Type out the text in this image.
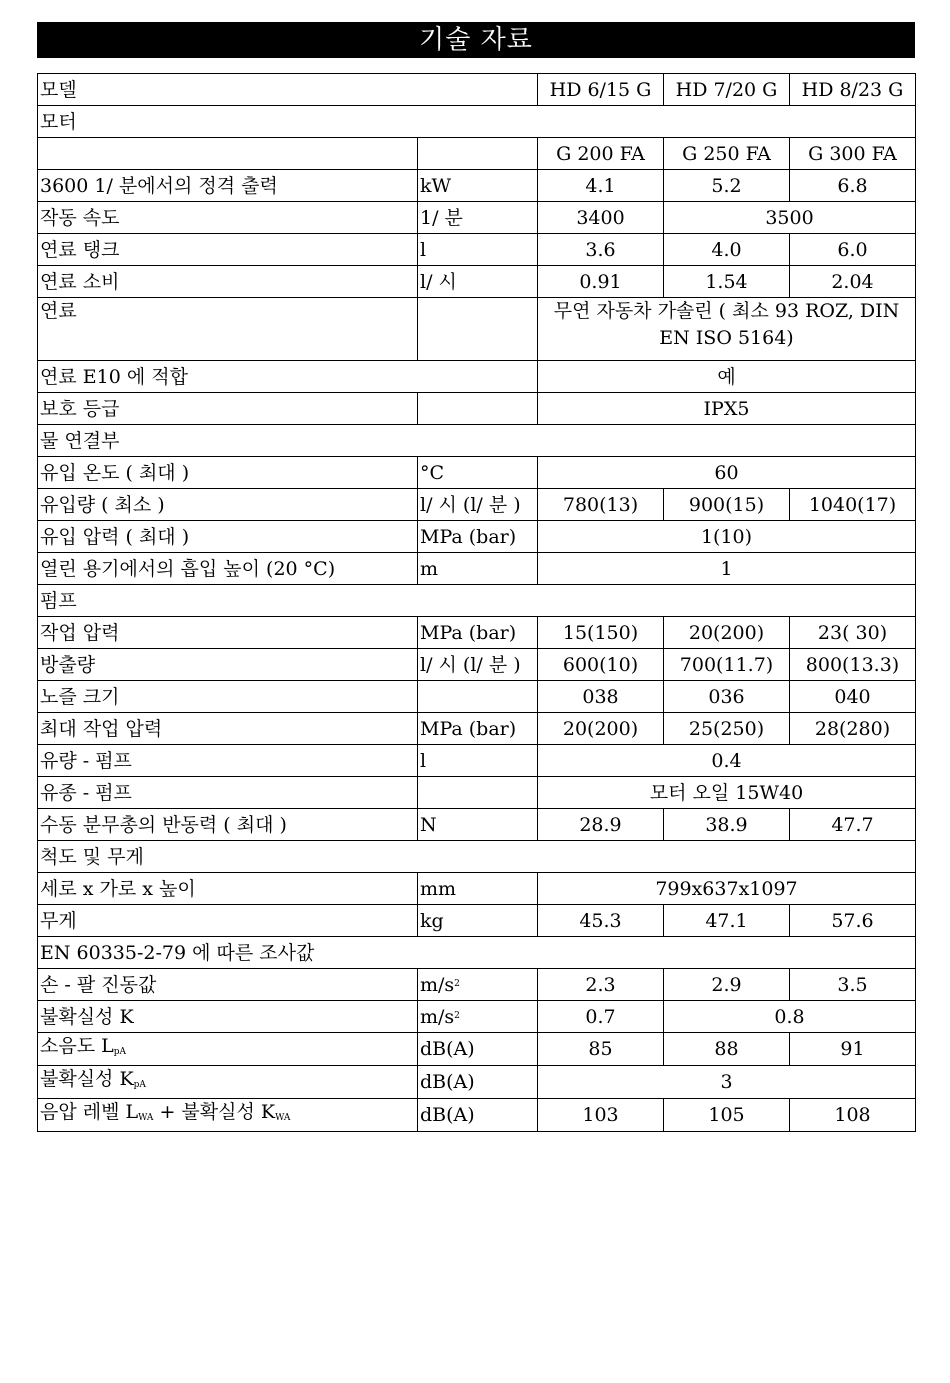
기술 자료
모델		HD 6/15 G	HD 7/20 G	HD 8/23 G
모터				
		G 200 FA	G 250 FA	G 300 FA
3600 1/ 분에서의 정격 출력	kW	4.1	5.2	6.8
작동 속도	1/ 분	3400	3500	
연료 탱크	l	3.6	4.0	6.0
연료 소비	l/ 시	0.91	1.54	2.04
연료		무연 자동차 가솔린 ( 최소 93 ROZ, DIN EN ISO 5164)		
연료 E10 에 적합		예		
보호 등급		IPX5		
물 연결부				
유입 온도 ( 최대 )	°C	60		
유입량 ( 최소 )	l/ 시 (l/ 분 )	780(13)	900(15)	1040(17)
유입 압력 ( 최대 )	MPa (bar)	1(10)		
열린 용기에서의 흡입 높이 (20 °C)	m	1		
펌프				
작업 압력	MPa (bar)	15(150)	20(200)	23( 30)
방출량	l/ 시 (l/ 분 )	600(10)	700(11.7)	800(13.3)
노즐 크기		038	036	040
최대 작업 압력	MPa (bar)	20(200)	25(250)	28(280)
유량 - 펌프	l	0.4		
유종 - 펌프		모터 오일 15W40		
수동 분무총의 반동력 ( 최대 )	N	28.9	38.9	47.7
척도 및 무게				
세로 x 가로 x 높이	mm	799x637x1097		
무게	kg	45.3	47.1	57.6
EN 60335-2-79 에 따른 조사값				
손 - 팔 진동값	$m/s^2$	2.3	2.9	3.5
불확실성 K	$m/s^2$	0.7	0.8	
소음도 $L_{pA}$	dB(A)	85	88	91
불확실성 $K_{pA}$	dB(A)	3		
음압 레벨 $L_{WA}$ + 불확실성 $K_{WA}$	dB(A)	103	105	108
